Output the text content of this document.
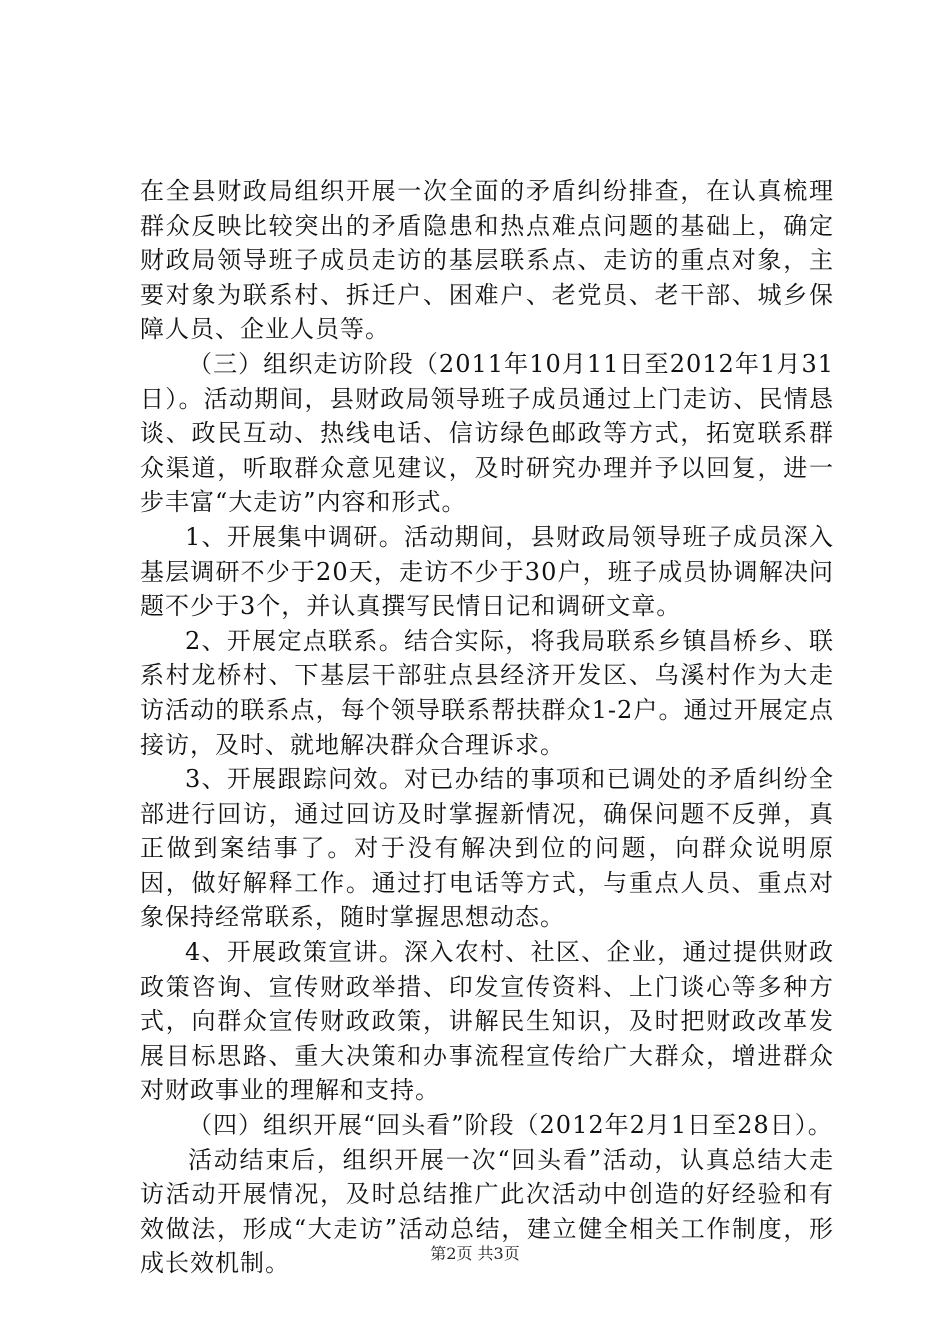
在全县财政局组织开展一次全面的矛盾纠纷排查，在认真梳理群众反映比较突出的矛盾隐患和热点难点问题的基础上，确定财政局领导班子成员走访的基层联系点、走访的重点对象，主要对象为联系村、拆迁户、困难户、老党员、老干部、城乡保障人员、企业人员等。

（三）组织走访阶段（2011年10月11日至2012年1月31日）。活动期间，县财政局领导班子成员通过上门走访、民情恳谈、政民互动、热线电话、信访绿色邮政等方式，拓宽联系群众渠道，听取群众意见建议，及时研究办理并予以回复，进一步丰富“大走访”内容和形式。

1、开展集中调研。活动期间，县财政局领导班子成员深入基层调研不少于20天，走访不少于30户，班子成员协调解决问题不少于3个，并认真撰写民情日记和调研文章。

2、开展定点联系。结合实际，将我局联系乡镇昌桥乡、联系村龙桥村、下基层干部驻点县经济开发区、乌溪村作为大走访活动的联系点，每个领导联系帮扶群众1-2户。通过开展定点接访，及时、就地解决群众合理诉求。

3、开展跟踪问效。对已办结的事项和已调处的矛盾纠纷全部进行回访，通过回访及时掌握新情况，确保问题不反弹，真正做到案结事了。对于没有解决到位的问题，向群众说明原因，做好解释工作。通过打电话等方式，与重点人员、重点对象保持经常联系，随时掌握思想动态。

4、开展政策宣讲。深入农村、社区、企业，通过提供财政政策咨询、宣传财政举措、印发宣传资料、上门谈心等多种方式，向群众宣传财政政策，讲解民生知识，及时把财政改革发展目标思路、重大决策和办事流程宣传给广大群众，增进群众对财政事业的理解和支持。

（四）组织开展“回头看”阶段（2012年2月1日至28日）。

活动结束后，组织开展一次“回头看”活动，认真总结大走访活动开展情况，及时总结推广此次活动中创造的好经验和有效做法，形成“大走访”活动总结，建立健全相关工作制度，形成长效机制。	第2页 共3页
